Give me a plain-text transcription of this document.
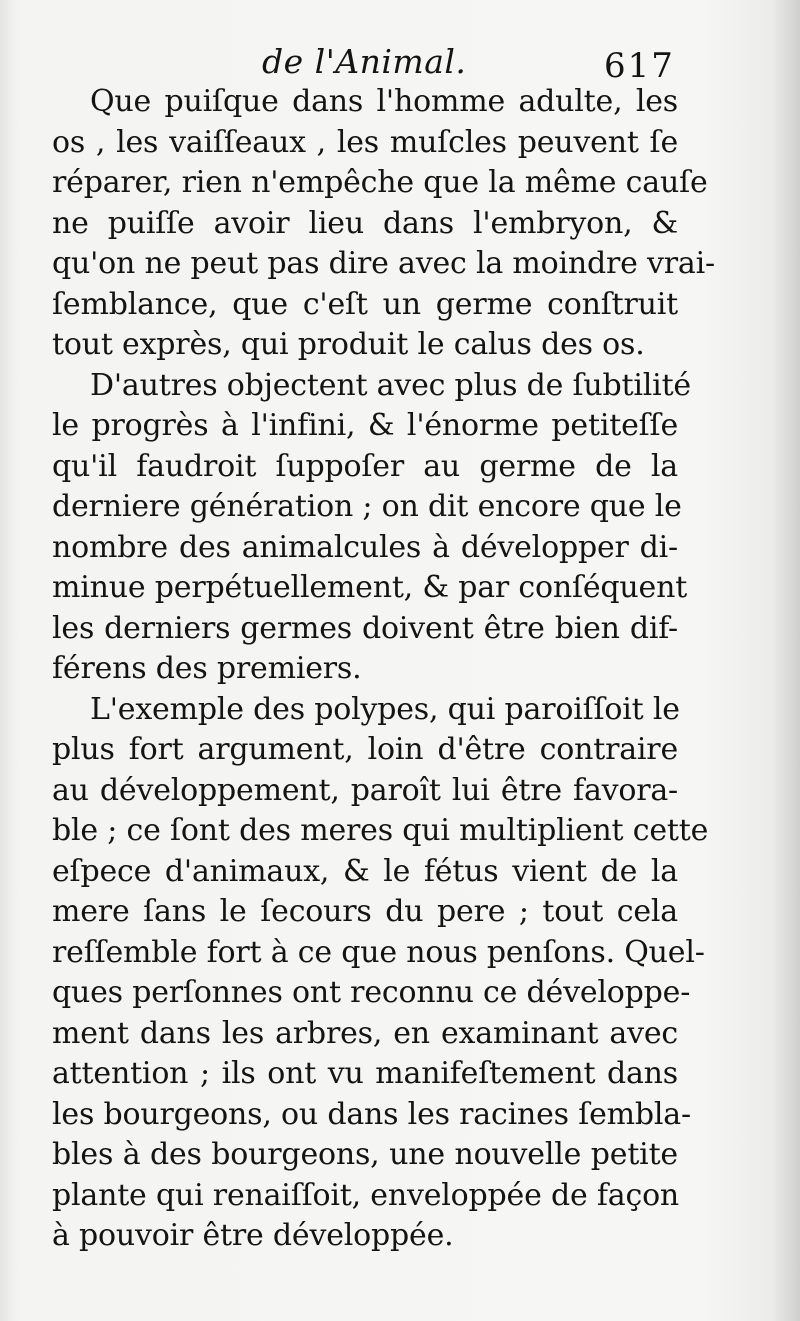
de l'Animal.	617
Que puiſque dans l'homme adulte, les
os , les vaiſſeaux , les muſcles peuvent ſe
réparer, rien n'empêche que la même cauſe
ne puiſſe avoir lieu dans l'embryon, &
qu'on ne peut pas dire avec la moindre vrai-
ſemblance, que c'eſt un germe conſtruit
tout exprès, qui produit le calus des os.
D'autres objectent avec plus de ſubtilité
le progrès à l'infini, & l'énorme petiteſſe
qu'il faudroit ſuppoſer au germe de la
derniere génération ; on dit encore que le
nombre des animalcules à développer di-
minue perpétuellement, & par conſéquent
les derniers germes doivent être bien dif-
férens des premiers.
L'exemple des polypes, qui paroiſſoit le
plus fort argument, loin d'être contraire
au développement, paroît lui être favora-
ble ; ce ſont des meres qui multiplient cette
eſpece d'animaux, & le fétus vient de la
mere ſans le ſecours du pere ; tout cela
reſſemble fort à ce que nous penſons. Quel-
ques perſonnes ont reconnu ce développe-
ment dans les arbres, en examinant avec
attention ; ils ont vu manifeſtement dans
les bourgeons, ou dans les racines ſembla-
bles à des bourgeons, une nouvelle petite
plante qui renaiſſoit, enveloppée de façon
à pouvoir être développée.
